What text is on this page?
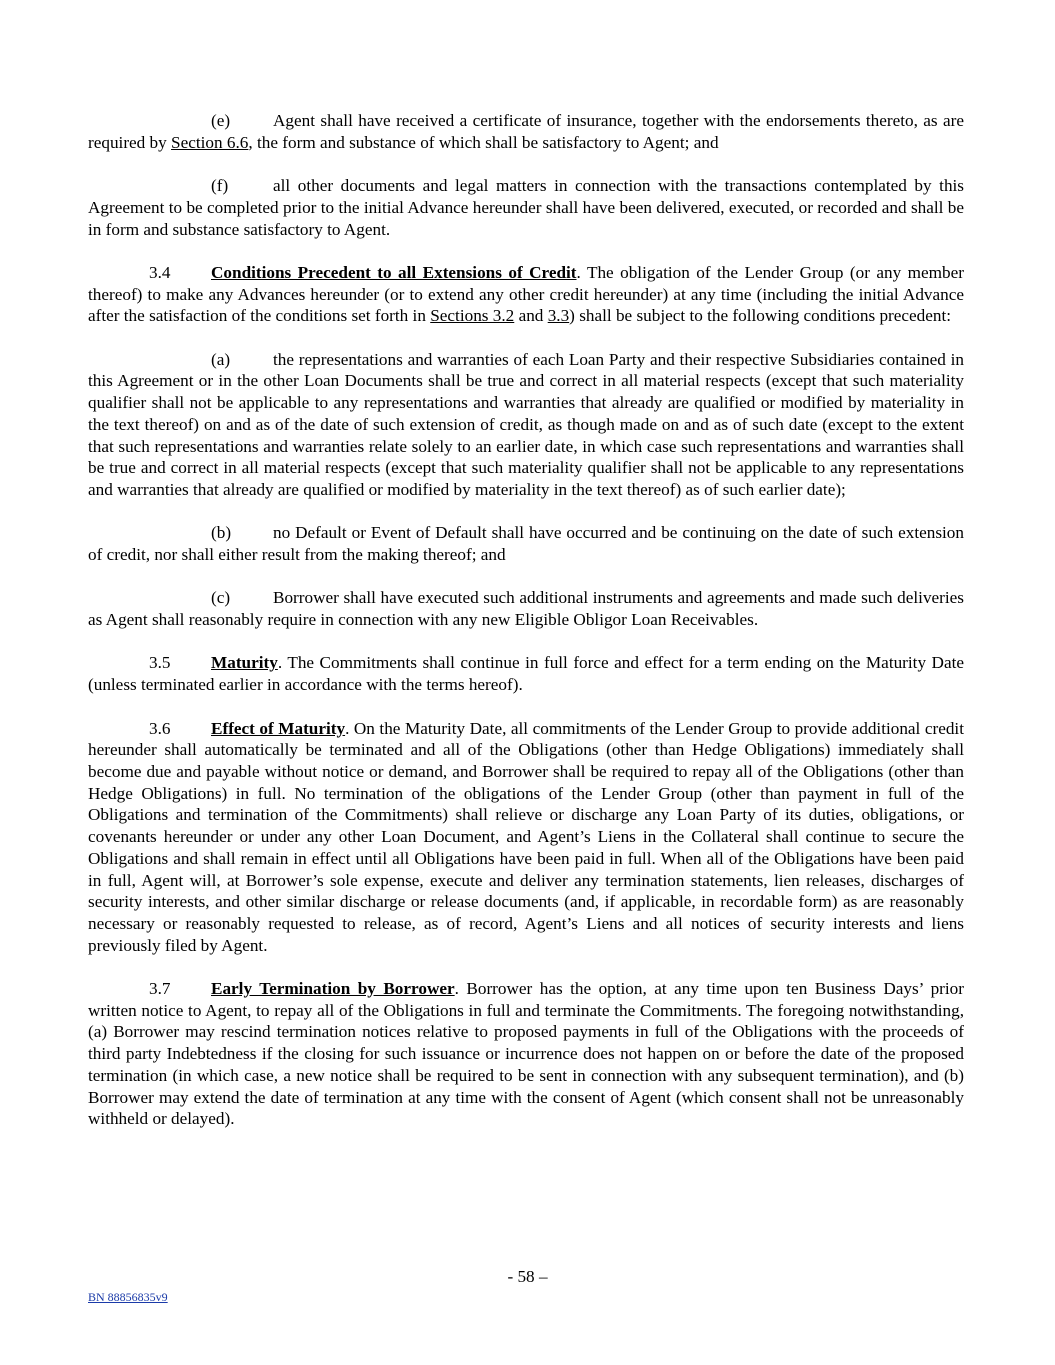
(e) Agent shall have received a certificate of insurance, together with the endorsements thereto, as are required by Section 6.6, the form and substance of which shall be satisfactory to Agent; and

(f)	all other documents and legal matters in connection with the transactions contemplated by this Agreement to be completed prior to the initial Advance hereunder shall have been delivered, executed, or recorded and shall be in form and substance satisfactory to Agent.

3.4 Conditions Precedent to all Extensions of Credit. The obligation of the Lender Group (or any member thereof) to make any Advances hereunder (or to extend any other credit hereunder) at any time (including the initial Advance after the satisfaction of the conditions set forth in Sections 3.2 and 3.3) shall be subject to the following conditions precedent:

(a) the representations and warranties of each Loan Party and their respective Subsidiaries contained in this Agreement or in the other Loan Documents shall be true and correct in all material respects (except that such materiality qualifier shall not be applicable to any representations and warranties that already are qualified or modified by materiality in the text thereof) on and as of the date of such extension of credit, as though made on and as of such date (except to the extent that such representations and warranties relate solely to an earlier date, in which case such representations and warranties shall be true and correct in all material respects (except that such materiality qualifier shall not be applicable to any representations and warranties that already are qualified or modified by materiality in the text thereof) as of such earlier date);

(b) no Default or Event of Default shall have occurred and be continuing on the date of such extension of credit, nor shall either result from the making thereof; and

(c) Borrower shall have executed such additional instruments and agreements and made such deliveries as Agent shall reasonably require in connection with any new Eligible Obligor Loan Receivables.

3.5 Maturity. The Commitments shall continue in full force and effect for a term ending on the Maturity Date (unless terminated earlier in accordance with the terms hereof).

3.6 Effect of Maturity. On the Maturity Date, all commitments of the Lender Group to provide additional credit hereunder shall automatically be terminated and all of the Obligations (other than Hedge Obligations) immediately shall become due and payable without notice or demand, and Borrower shall be required to repay all of the Obligations (other than Hedge Obligations) in full. No termination of the obligations of the Lender Group (other than payment in full of the Obligations and termination of the Commitments) shall relieve or discharge any Loan Party of its duties, obligations, or covenants hereunder or under any other Loan Document, and Agent’s Liens in the Collateral shall continue to secure the Obligations and shall remain in effect until all Obligations have been paid in full. When all of the Obligations have been paid in full, Agent will, at Borrower’s sole expense, execute and deliver any termination statements, lien releases, discharges of security interests, and other similar discharge or release documents (and, if applicable, in recordable form) as are reasonably necessary or reasonably requested to release, as of record, Agent’s Liens and all notices of security interests and liens previously filed by Agent.

3.7 Early Termination by Borrower. Borrower has the option, at any time upon ten Business Days’ prior written notice to Agent, to repay all of the Obligations in full and terminate the Commitments. The foregoing notwithstanding, (a) Borrower may rescind termination notices relative to proposed payments in full of the Obligations with the proceeds of third party Indebtedness if the closing for such issuance or incurrence does not happen on or before the date of the proposed termination (in which case, a new notice shall be required to be sent in connection with any subsequent termination), and (b) Borrower may extend the date of termination at any time with the consent of Agent (which consent shall not be unreasonably withheld or delayed).

- 58 –
BN 88856835v9
